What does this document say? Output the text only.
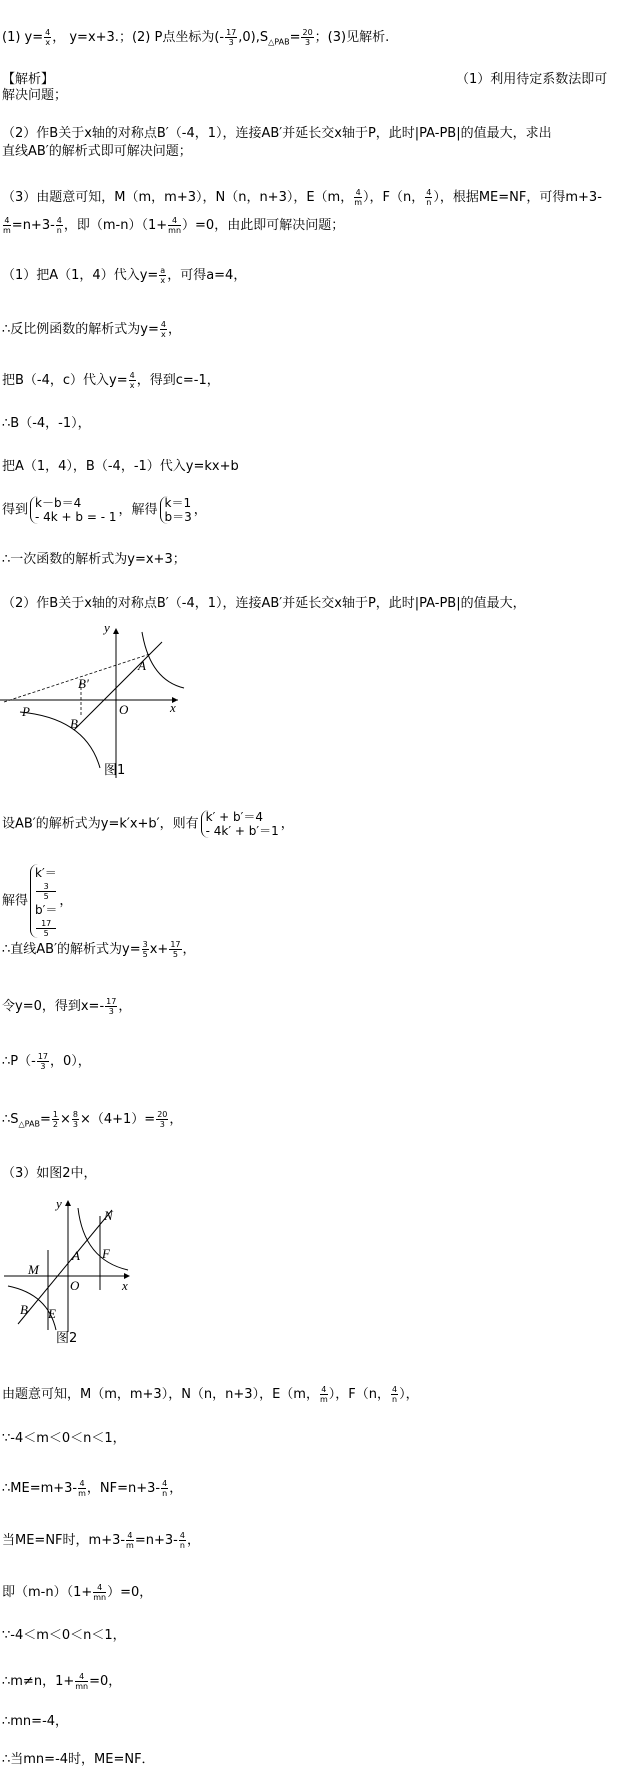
(1) $y= \frac{4}{x}$ ， y=x+3.；(2) P点坐标为(- $\frac{17}{3} ,0),S_{\triangle PAB}= \frac{20}{3}$ ；(3)见解析.
【解析】	（1）利用待定系数法即可
解决问题；
（2）作B关于x轴的对称点B′（-4，1），连接AB′并延长交x轴于P，此时|PA-PB|的值最大，求出
直线AB′的解析式即可解决问题；
（3）由题意可知，M（m，m+3），N（n，n+3），E（m， $\frac{4}{m}$ ），F（n， $\frac{4}{n}$ ），根据ME=NF，可得m+3-
$\frac{4}{m} =n+3- \frac{4}{n}$ ，即$(m-n)(1+ \frac{4}{mn} )=0$，由此即可解决问题；
（1）把A（1，4）代入$y= \frac{a}{x}$ ，可得a=4，
∴反比例函数的解析式为$y= \frac{4}{x}$ ，
把B（-4，c）代入$y= \frac{4}{x}$ ，得到c=-1，
∴B（-4，-1），
把A（1，4），B（-4，-1）代入y=kx+b
得到 k－b＝4
- 4k + b = - 1 ，解得 k＝1
b＝3 ，
∴一次函数的解析式为y=x+3；
（2）作B关于x轴的对称点B′（-4，1），连接AB′并延长交x轴于P，此时|PA-PB|的值最大，
y
x
A
B′
P
B
O
图1
设AB′的解析式为y=k′x+b′，则有 k′ + b′＝4
- 4k′ + b′＝1 ，
解得
k′＝
3
5
b′＝
17
5
，
∴直线AB′的解析式为$y= \frac{3}{5} x+ \frac{17}{5}$ ，
令y=0，得到$x=- \frac{17}{3}$ ，
∴P（- $\frac{17}{3}$ ，0），
$\therefore S_{\triangle PAB}= \frac{1}{2} \times \frac{8}{3} \times(4+1)= \frac{20}{3}$ ，
（3）如图2中，
y
x
N
A F
M
O
B E
图2
由题意可知，M（m，m+3），N（n，n+3），E（m， $\frac{4}{m}$ ），F（n， $\frac{4}{n}$ ），
∵-4＜m＜0＜n＜1，
∴ME=m+3- $\frac{4}{m}$ ，$NF=n+3- \frac{4}{n}$ ，
当ME=NF时，$m+3- \frac{4}{m} =n+3- \frac{4}{n}$ ，
即$(m-n)(1+ \frac{4}{mn} )=0$，
∵-4＜m＜0＜n＜1，
∴m≠n，$1+ \frac{4}{mn} =0$，
∴mn=-4，
∴当mn=-4时，ME=NF．
